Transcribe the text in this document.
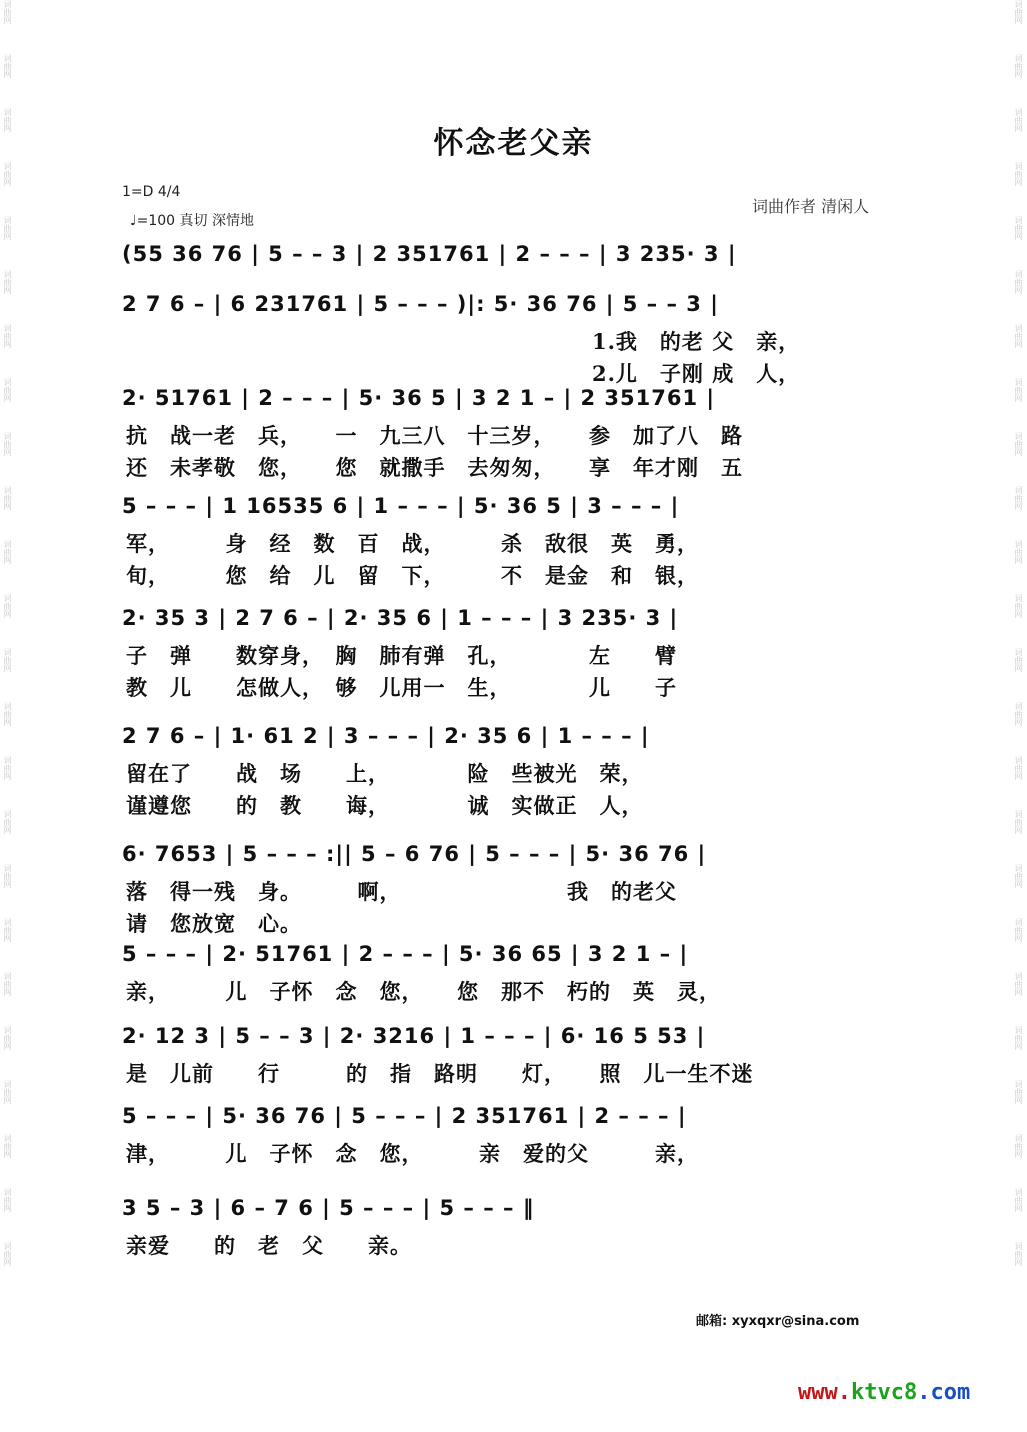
词曲网
词曲网
词曲网
词曲网
词曲网
词曲网
词曲网
词曲网
词曲网
词曲网
词曲网
词曲网
词曲网
词曲网
词曲网
词曲网
词曲网
词曲网
词曲网
词曲网
词曲网
词曲网
词曲网
词曲网
词曲网
词曲网
词曲网
词曲网
词曲网
词曲网
词曲网
词曲网
词曲网
词曲网
词曲网
词曲网
词曲网
词曲网
词曲网
词曲网
词曲网
词曲网
词曲网
词曲网
词曲网
词曲网
词曲网
词曲网
怀念老父亲
1=D 4/4
♩=100 真切 深情地
词曲作者 清闲人
(55 36 76 | 5 – – 3 | 2 351761 | 2 – – – | 3 235· 3 |
2 7 6 – | 6 231761 | 5 – – – )|: 5· 36 76 | 5 – – 3 |
1.我　的老 父　亲，
2.儿　子刚 成　人，
2· 51761 | 2 – – – | 5· 36 5 | 3 2 1 – | 2 351761 |
抗　战一老　兵，　　一　九三八　十三岁，　　参　加了八　路
还　未孝敬　您，　　您　就撒手　去匆匆，　　享　年才刚　五
5 – – – | 1 16535 6 | 1 – – – | 5· 36 5 | 3 – – – |
军，　　　身　经　数　百　战，　　　杀　敌很　英　勇，
旬，　　　您　给　儿　留　下，　　　不　是金　和　银，
2· 35 3 | 2 7 6 – | 2· 35 6 | 1 – – – | 3 235· 3 |
子　弹　　数穿身，　胸　肺有弹　孔，　　　　左　　臂
教　儿　　怎做人，　够　儿用一　生，　　　　儿　　子
2 7 6 – | 1· 61 2 | 3 – – – | 2· 35 6 | 1 – – – |
留在了　　战　场　　上，　　　　险　些被光　荣，
谨遵您　　的　教　　诲，　　　　诚　实做正　人，
6· 7653 | 5 – – – :|| 5 – 6 76 | 5 – – – | 5· 36 76 |
落　得一残　身。　　　啊，　　　　　　　　我　的老父
请　您放宽　心。
5 – – – | 2· 51761 | 2 – – – | 5· 36 65 | 3 2 1 – |
亲，　　　儿　子怀　念　您，　　您　那不　朽的　英　灵，
2· 12 3 | 5 – – 3 | 2· 3216 | 1 – – – | 6· 16 5 53 |
是　儿前　　行　　　的　指　路明　　灯，　　照　儿一生不迷
5 – – – | 5· 36 76 | 5 – – – | 2 351761 | 2 – – – |
津，　　　儿　子怀　念　您，　　　亲　爱的父　　　亲，
3 5 – 3 | 6 – 7 6 | 5 – – – | 5 – – – ‖
亲爱　　的　老　父　　亲。
邮箱: xyxqxr@sina.com
www.ktvc8.com
